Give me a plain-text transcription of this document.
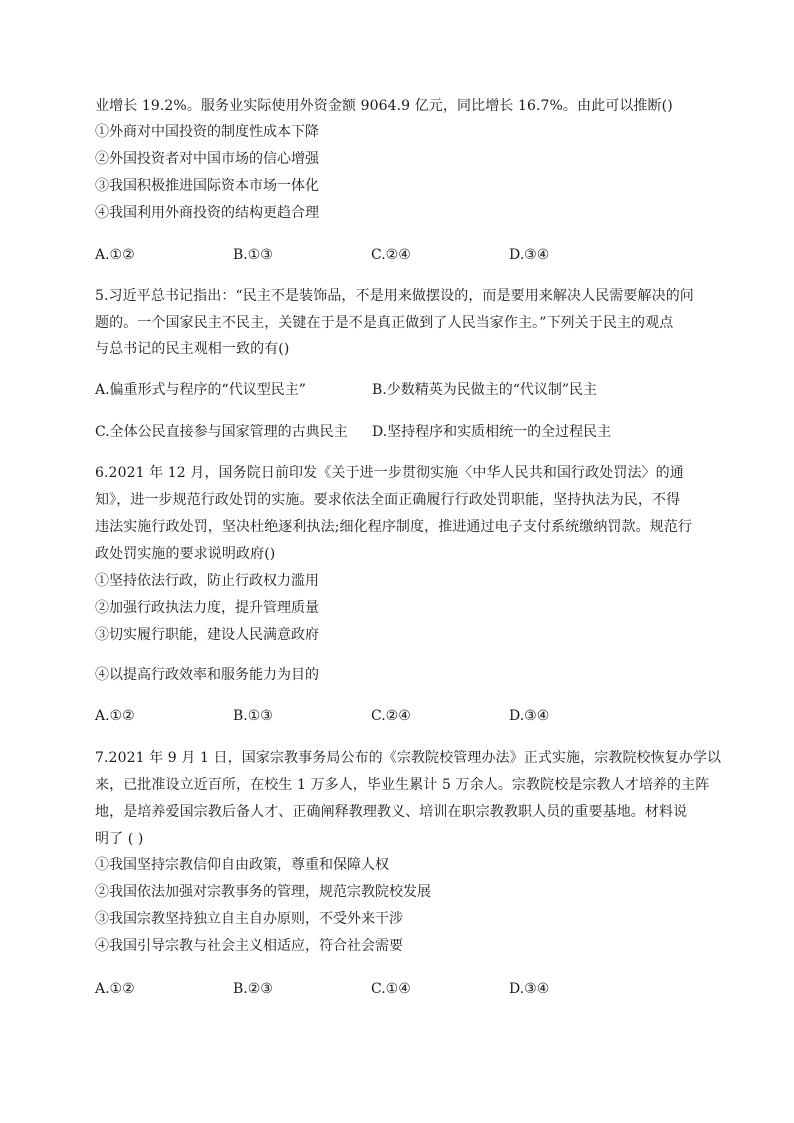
业增长 19.2%。服务业实际使用外资金额 9064.9 亿元，同比增长 16.7%。由此可以推断()
①外商对中国投资的制度性成本下降
②外国投资者对中国市场的信心增强
③我国积极推进国际资本市场一体化
④我国利用外商投资的结构更趋合理
A.①②	B.①③	C.②④	D.③④
5.习近平总书记指出：“民主不是装饰品，不是用来做摆设的，而是要用来解决人民需要解决的问
题的。一个国家民主不民主，关键在于是不是真正做到了人民当家作主。”下列关于民主的观点
与总书记的民主观相一致的有()
A.偏重形式与程序的“代议型民主”	B.少数精英为民做主的“代议制”民主
C.全体公民直接参与国家管理的古典民主 D.坚持程序和实质相统一的全过程民主
6.2021 年 12 月，国务院日前印发《关于进一步贯彻实施〈中华人民共和国行政处罚法〉的通
知》，进一步规范行政处罚的实施。要求依法全面正确履行行政处罚职能，坚持执法为民，不得
违法实施行政处罚，坚决杜绝逐利执法;细化程序制度，推进通过电子支付系统缴纳罚款。规范行
政处罚实施的要求说明政府()
①坚持依法行政，防止行政权力滥用
②加强行政执法力度，提升管理质量
③切实履行职能，建设人民满意政府
④以提高行政效率和服务能力为目的
A.①②	B.①③	C.②④	D.③④
7.2021 年 9 月 1 日，国家宗教事务局公布的《宗教院校管理办法》正式实施，宗教院校恢复办学以
来，已批准设立近百所，在校生 1 万多人，毕业生累计 5 万余人。宗教院校是宗教人才培养的主阵
地，是培养爱国宗教后备人才、正确阐释教理教义、培训在职宗教教职人员的重要基地。材料说
明了 ( )
①我国坚持宗教信仰自由政策，尊重和保障人权
②我国依法加强对宗教事务的管理，规范宗教院校发展
③我国宗教坚持独立自主自办原则，不受外来干涉
④我国引导宗教与社会主义相适应，符合社会需要
A.①②	B.②③	C.①④	D.③④
